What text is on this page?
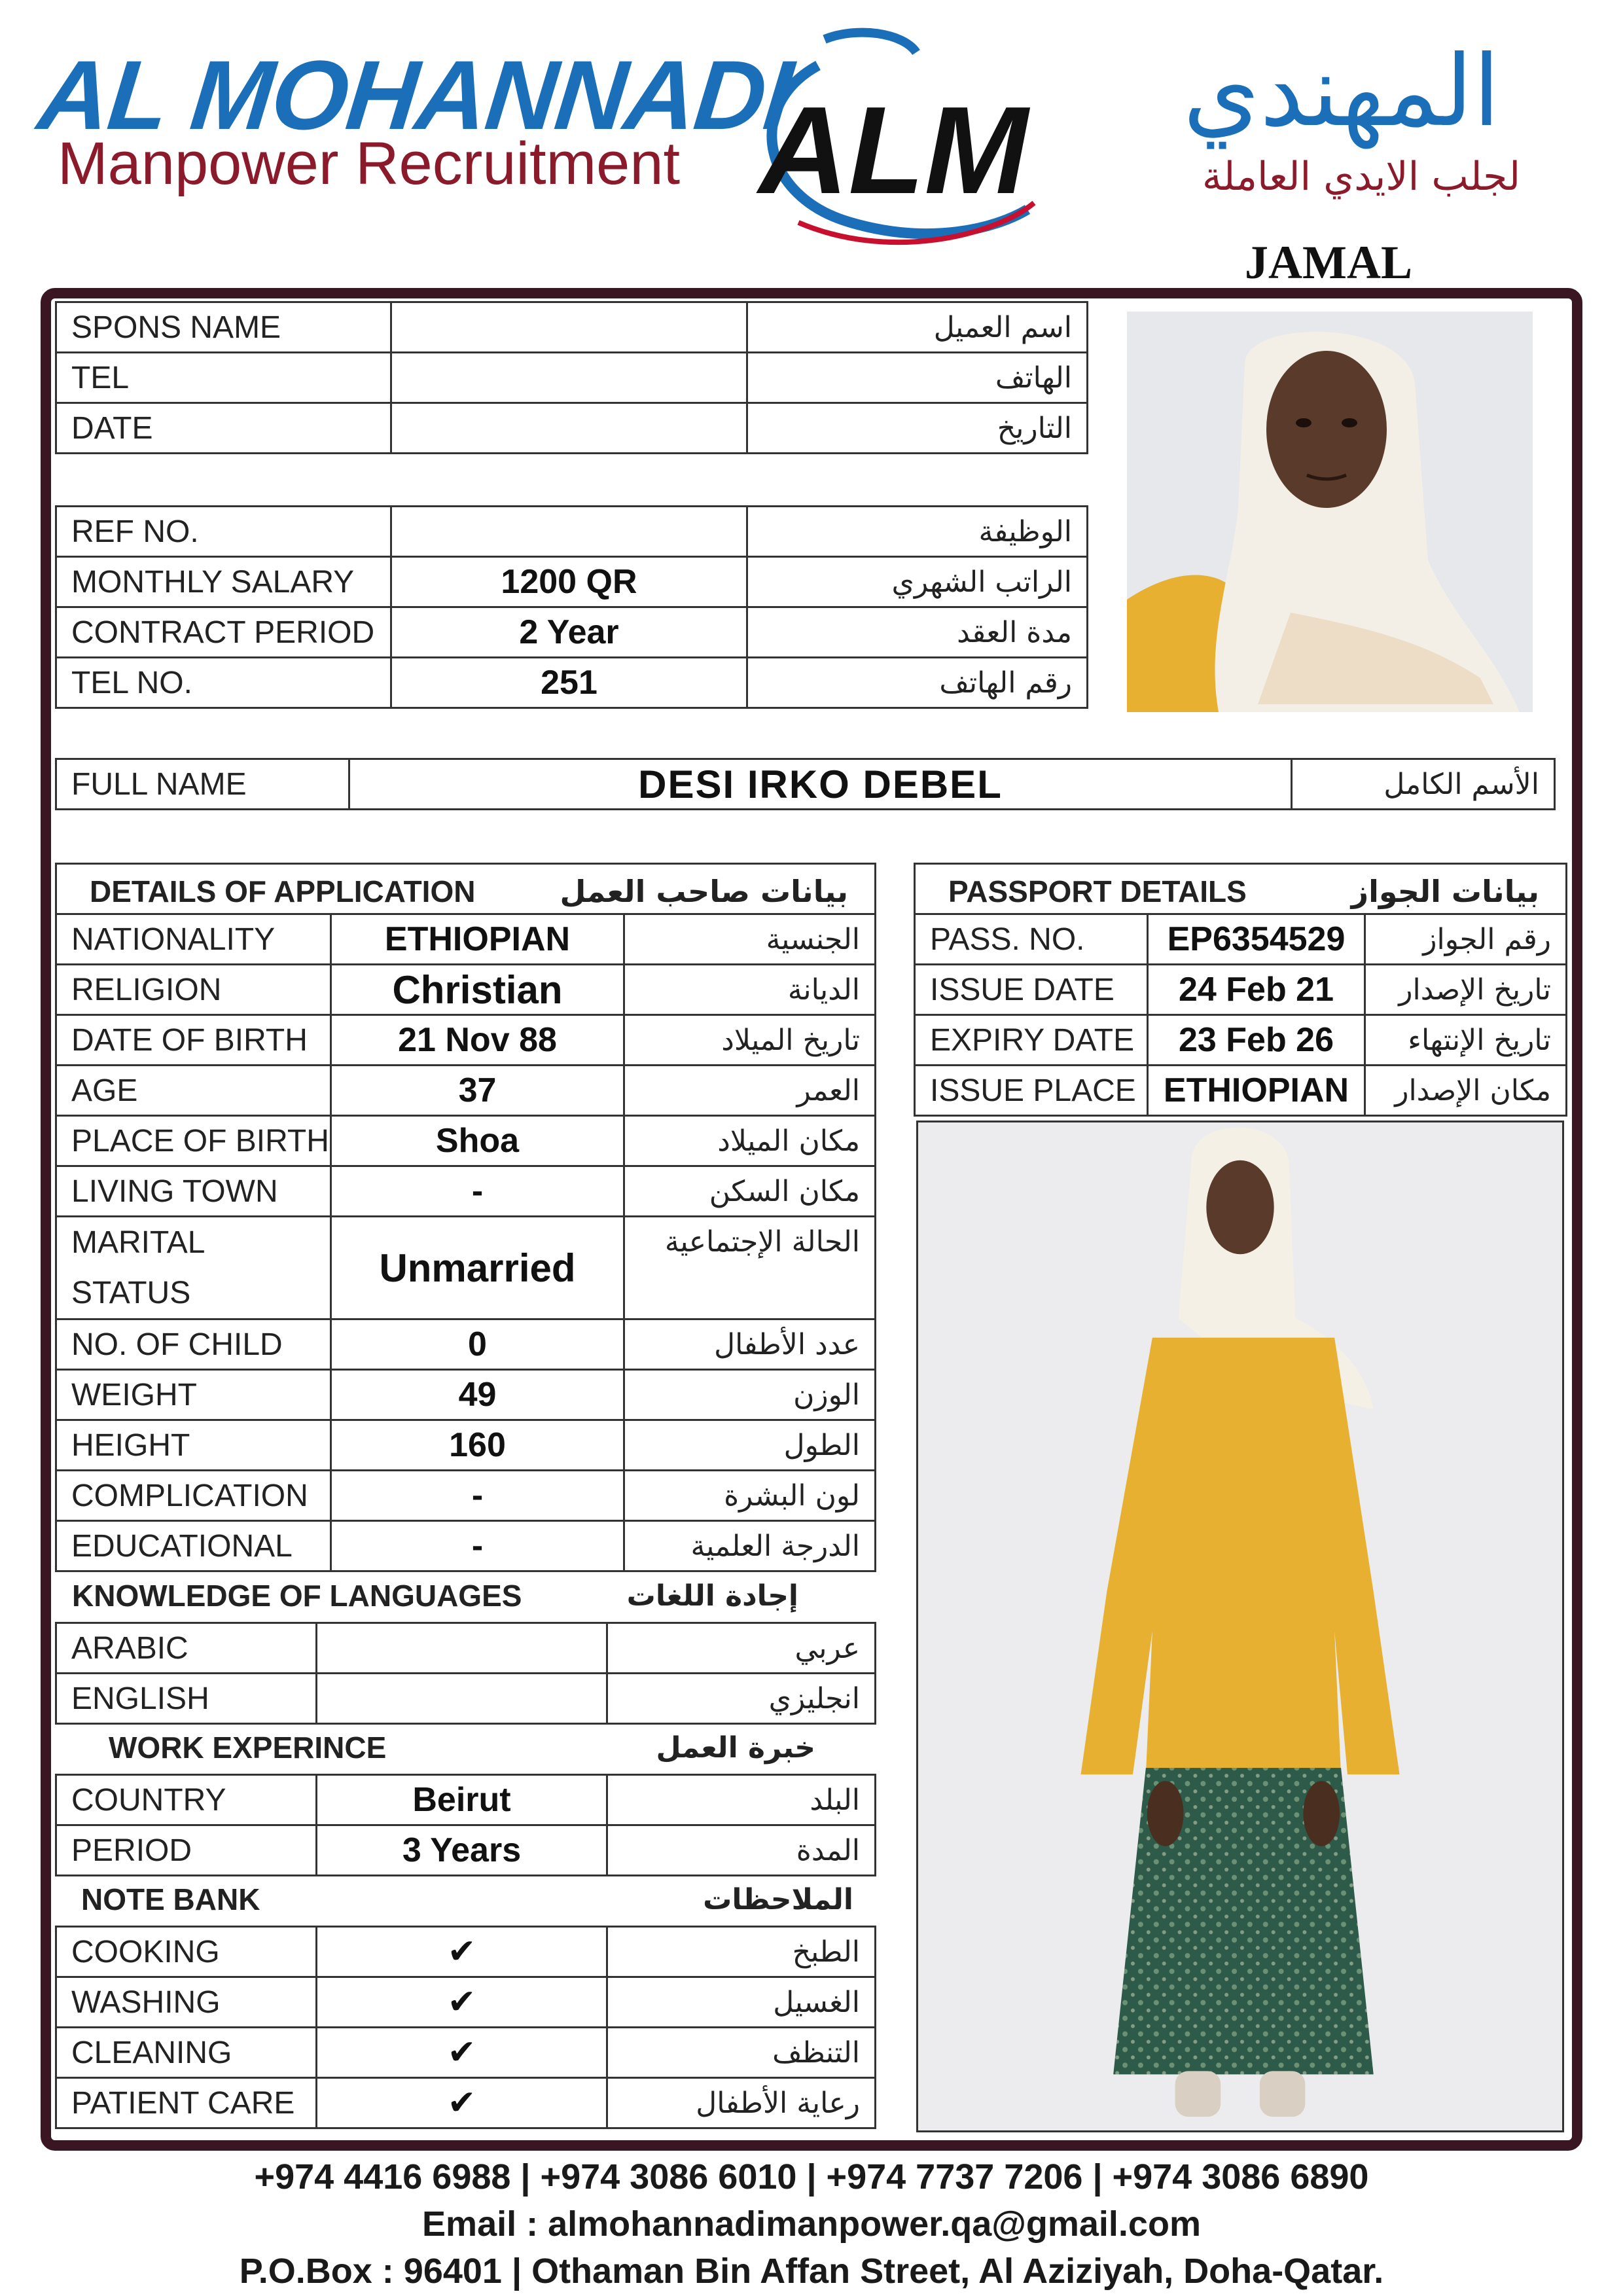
AL MOHANNADI
Manpower Recruitment ALM	المهندي
لجلب الايدي العاملة
JAMAL
SPONS NAME		اسم العميل
TEL		الهاتف
DATE		التاريخ
REF NO.		الوظيفة
MONTHLY SALARY	1200 QR	الراتب الشهري
CONTRACT PERIOD	2 Year	مدة العقد
TEL NO.	251	رقم الهاتف
FULL NAME	DESI IRKO DEBEL	الأسم الكامل
DETAILS OF APPLICATION بيانات صاحب العمل		

NATIONALITY	ETHIOPIAN	الجنسية
RELIGION	Christian	الديانة
DATE OF BIRTH	21 Nov 88	تاريخ الميلاد
AGE	37	العمر
PLACE OF BIRTH	Shoa	مكان الميلاد
LIVING TOWN	-	مكان السكن

MARITAL
STATUS	Unmarried	الحالة الإجتماعية
NO. OF CHILD	0	عدد الأطفال
WEIGHT	49	الوزن
HEIGHT	160	الطول
COMPLICATION	-	لون البشرة
EDUCATIONAL	-	الدرجة العلمية
KNOWLEDGE OF LANGUAGES	إجادة اللغات
ARABIC		عربي
ENGLISH		انجليزي
WORK EXPERINCE	خبرة العمل
COUNTRY	Beirut	البلد
PERIOD	3 Years	المدة
NOTE BANK	الملاحظات
COOKING	✔	الطبخ
WASHING	✔	الغسيل
CLEANING	✔	التنظف
PATIENT CARE	✔	رعاية الأطفال
PASSPORT DETAILS بيانات الجواز		

PASS. NO.	EP6354529	رقم الجواز
ISSUE DATE	24 Feb 21	تاريخ الإصدار
EXPIRY DATE	23 Feb 26	تاريخ الإنتهاء
ISSUE PLACE	ETHIOPIAN	مكان الإصدار
+974 4416 6988 | +974 3086 6010 | +974 7737 7206 | +974 3086 6890
Email : almohannadimanpower.qa@gmail.com
P.O.Box : 96401 | Othaman Bin Affan Street, Al Aziziyah, Doha-Qatar.
